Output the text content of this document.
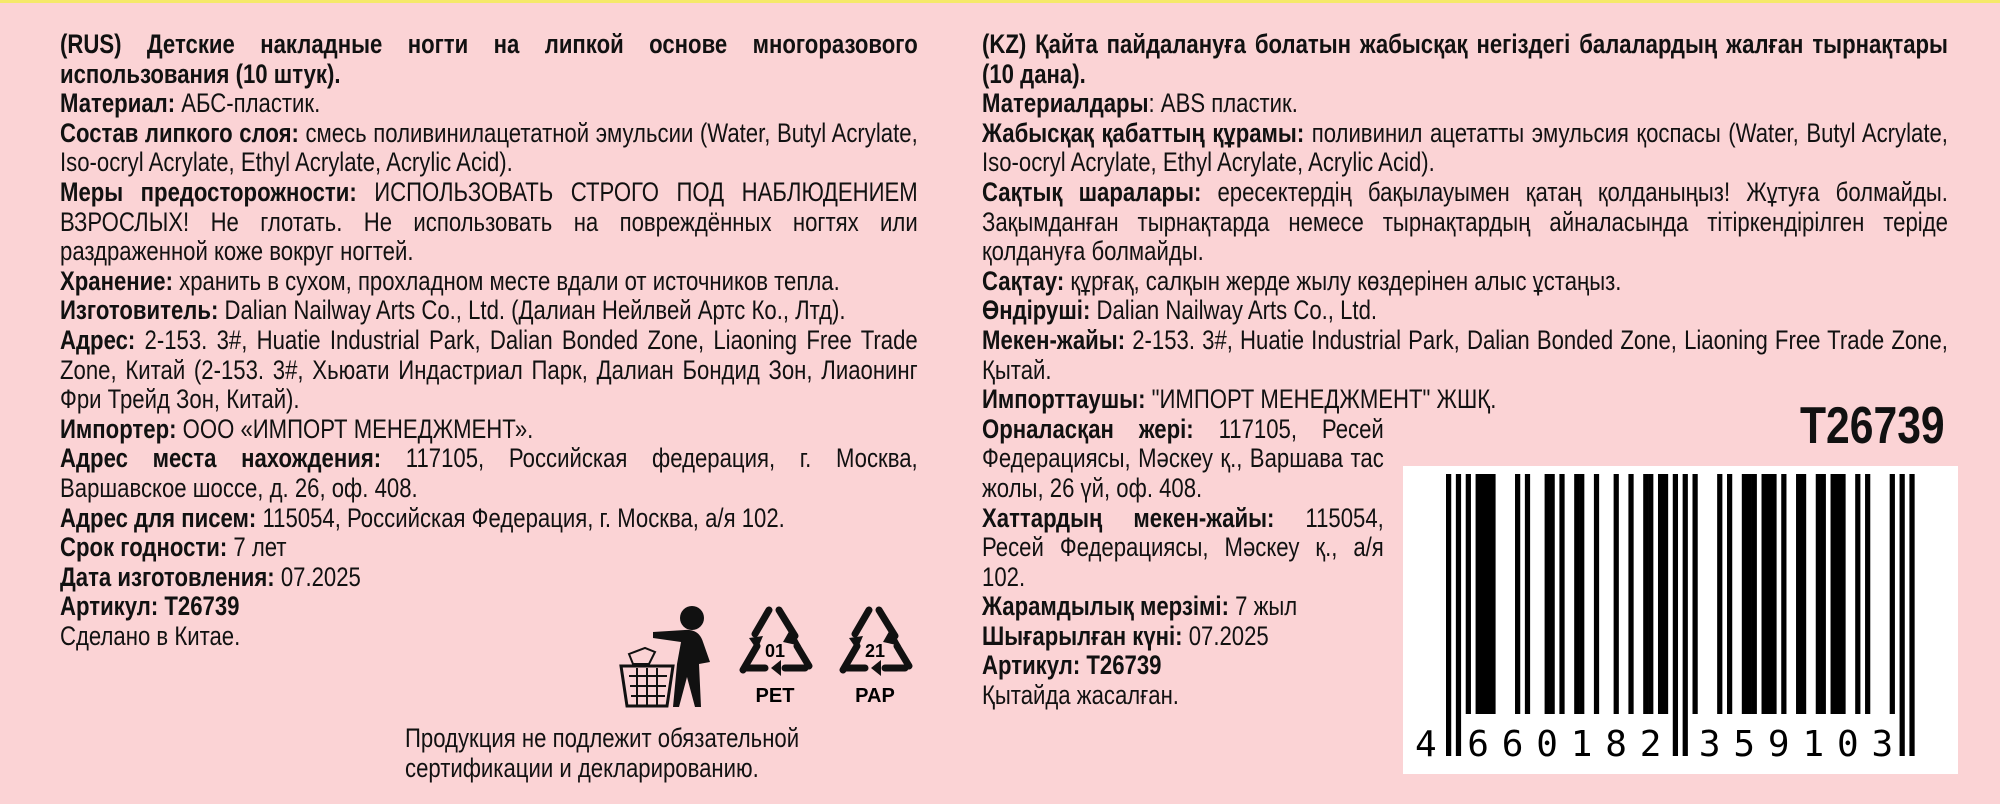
(RUS) Детские накладные ногти на липкой основе многоразового использования (10 штук).

Материал: АБС-пластик.

Состав липкого слоя: смесь поливинилацетатной эмульсии (Water, Butyl Acrylate, Iso-ocryl Acrylate, Ethyl Acrylate, Acrylic Acid).

Меры предосторожности: ИСПОЛЬЗОВАТЬ СТРОГО ПОД НАБЛЮДЕНИЕМ ВЗРОСЛЫХ! Не глотать. Не использовать на повреждённых ногтях или раздраженной коже вокруг ногтей.

Хранение: хранить в сухом, прохладном месте вдали от источников тепла.

Изготовитель: Dalian Nailway Arts Co., Ltd. (Далиан Нейлвей Артс Ко., Лтд).

Адрес: 2-153. 3#, Huatie Industrial Park, Dalian Bonded Zone, Liaoning Free Trade Zone, Китай (2-153. 3#, Хьюати Индастриал Парк, Далиан Бондид Зон, Лиаонинг Фри Трейд Зон, Китай).

Импортер: ООО «ИМПОРТ МЕНЕДЖМЕНТ».

Адрес места нахождения: 117105, Российская федерация, г. Москва, Варшавское шоссе, д. 26, оф. 408.

Адрес для писем: 115054, Российская Федерация, г. Москва, а/я 102.

Срок годности: 7 лет

Дата изготовления: 07.2025

Артикул: T26739

Сделано в Китае.

01
PET
21
PAP
Продукция не подлежит обязательной сертификации и декларированию.

(KZ) Қайта пайдалануға болатын жабысқақ негіздегі балалардың жалған тырнақтары (10 дана).

Материалдары: ABS пластик.

Жабысқақ қабаттың құрамы: поливинил ацетатты эмульсия қоспасы (Water, Butyl Acrylate, Iso-ocryl Acrylate, Ethyl Acrylate, Acrylic Acid).

Сақтық шаралары: ересектердің бақылауымен қатаң қолданыңыз! Жұтуға болмайды. Зақымданған тырнақтарда немесе тырнақтардың айналасында тітіркендірілген теріде қолдануға болмайды.

Сақтау: құрғақ, салқын жерде жылу көздерінен алыс ұстаңыз.

Өндіруші: Dalian Nailway Arts Co., Ltd.

Мекен-жайы: 2-153. 3#, Huatie Industrial Park, Dalian Bonded Zone, Liaoning Free Trade Zone, Қытай.

Импорттаушы: "ИМПОРТ МЕНЕДЖМЕНТ" ЖШҚ.

Орналасқан жері: 117105, Ресей Федерациясы, Мәскеу қ., Варшава тас жолы, 26 үй, оф. 408.

Хаттардың мекен-жайы: 115054, Ресей Федерациясы, Мәскеу қ., а/я 102.

Жарамдылық мерзімі: 7 жыл

Шығарылған күні: 07.2025

Артикул: T26739

Қытайда жасалған.

T26739
4 6 6 0 1 8 2 3 5 9 1 0 3
